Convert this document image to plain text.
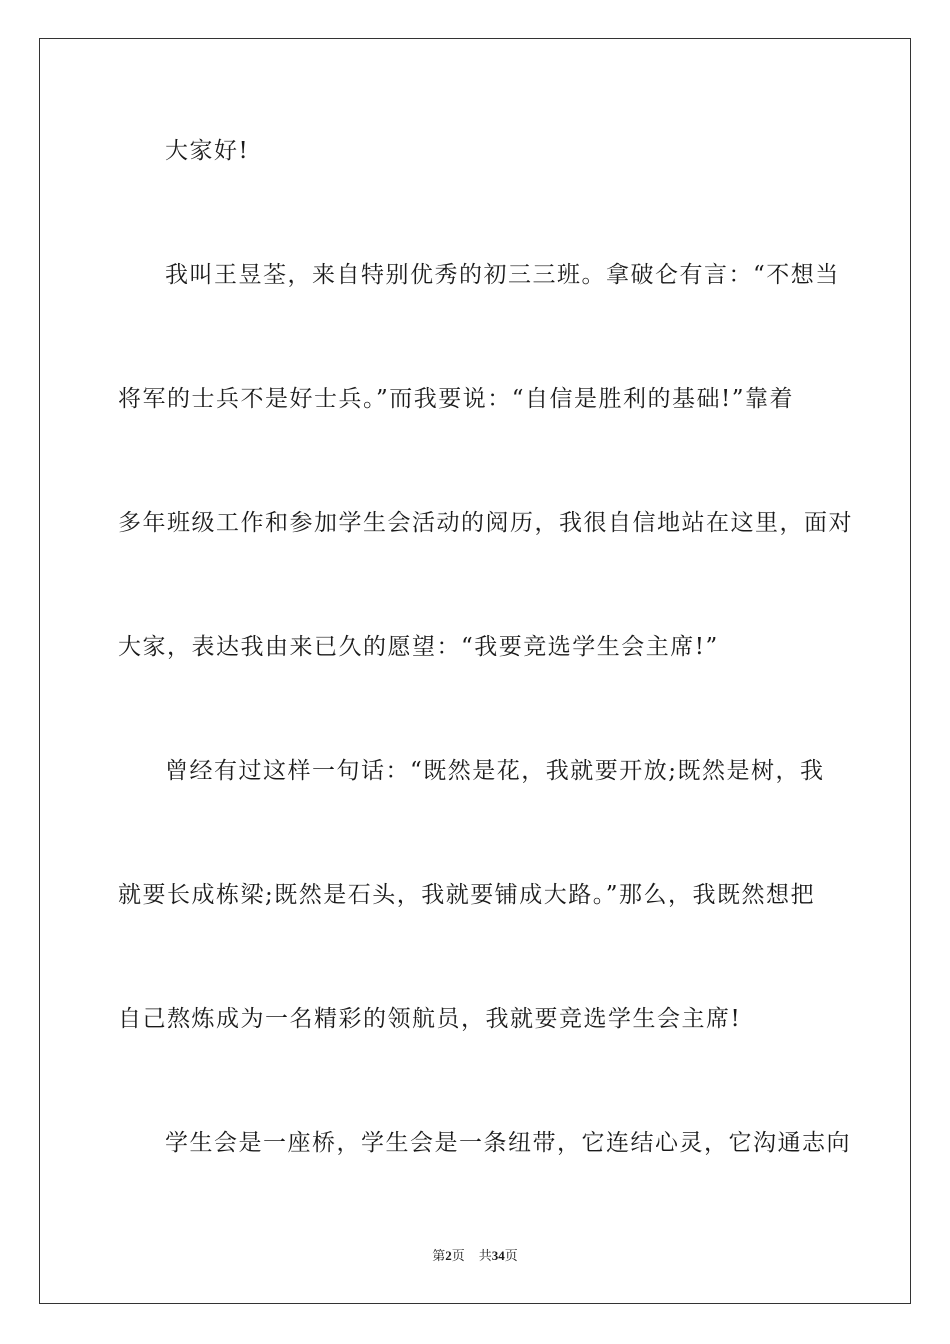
大家好!
我叫王昱荃，来自特别优秀的初三三班。拿破仑有言：“不想当
将军的士兵不是好士兵。”而我要说：“自信是胜利的基础!”靠着
多年班级工作和参加学生会活动的阅历，我很自信地站在这里，面对
大家，表达我由来已久的愿望：“我要竞选学生会主席!”
曾经有过这样一句话：“既然是花，我就要开放;既然是树，我
就要长成栋梁;既然是石头，我就要铺成大路。”那么，我既然想把
自己熬炼成为一名精彩的领航员，我就要竞选学生会主席!
学生会是一座桥，学生会是一条纽带，它连结心灵，它沟通志向
第2页 共34页
